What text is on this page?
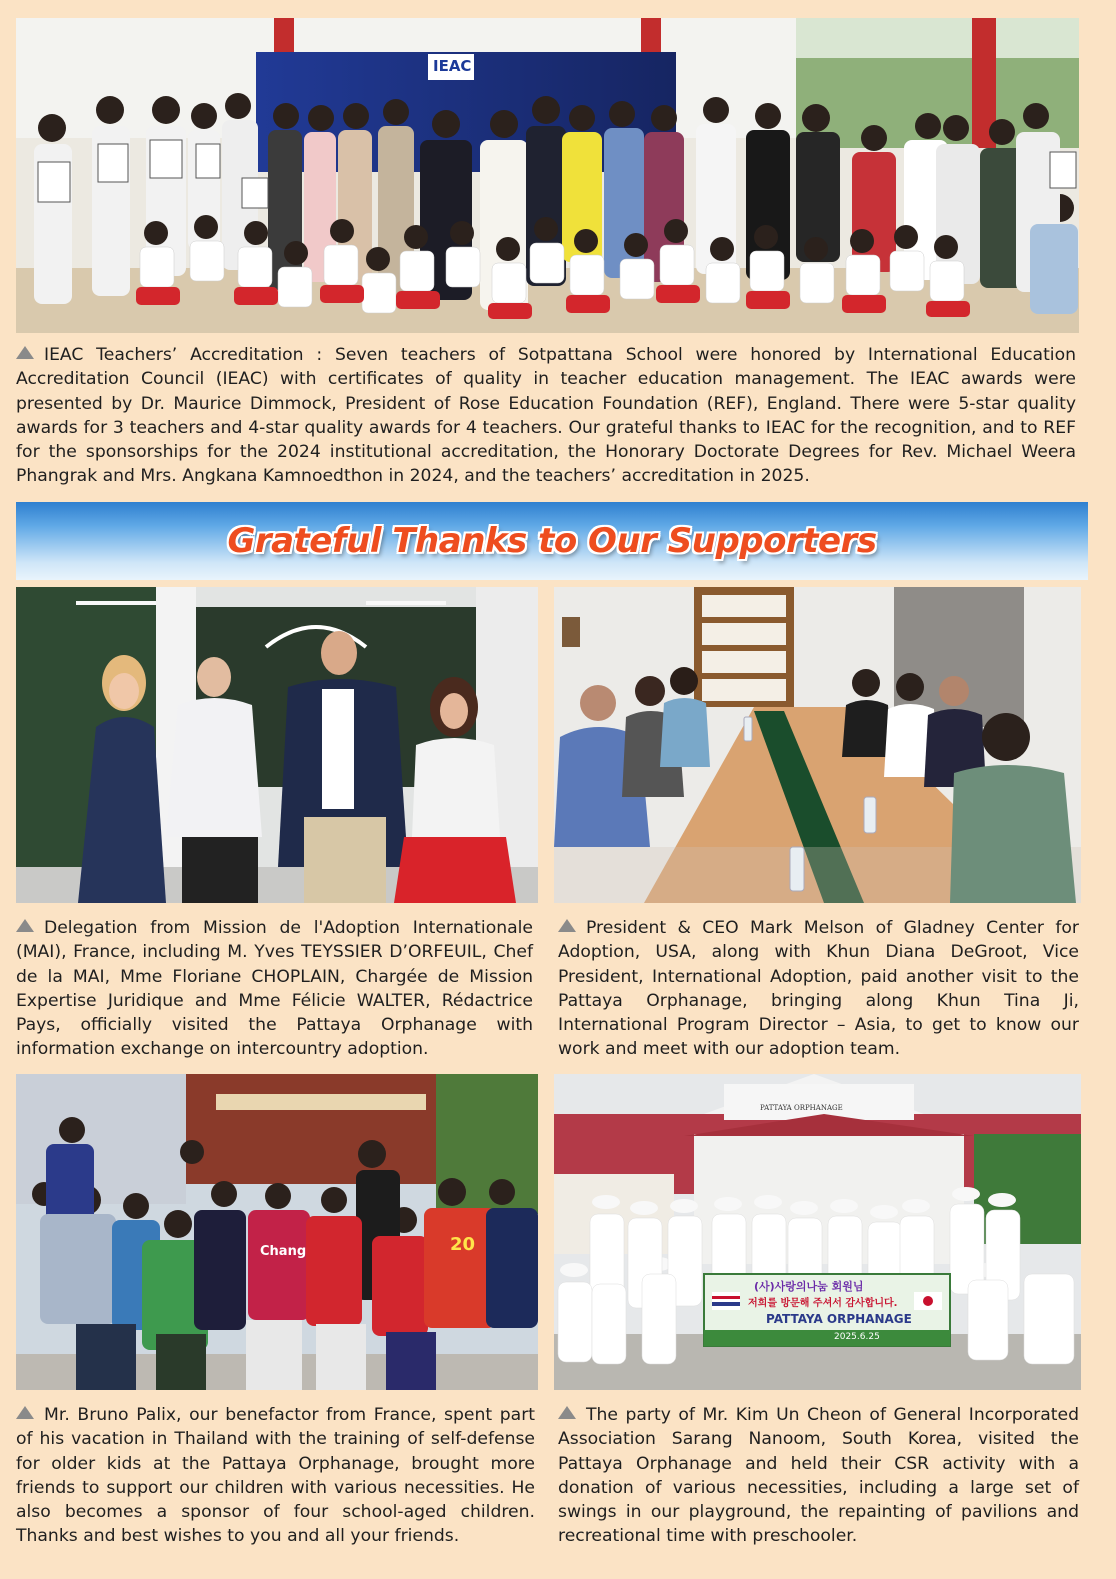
IEAC

IEAC Teachers’ Accreditation : Seven teachers of Sotpattana School were honored by International Education Accreditation Council (IEAC) with certificates of quality in teacher education management. The IEAC awards were presented by Dr. Maurice Dimmock, President of Rose Education Foundation (REF), England. There were 5-star quality awards for 3 teachers and 4-star quality awards for 4 teachers. Our grateful thanks to IEAC for the recognition, and to REF for the sponsorships for the 2024 institutional accreditation, the Honorary Doctorate Degrees for Rev. Michael Weera Phangrak and Mrs. Angkana Kamnoedthon in 2024, and the teachers’ accreditation in 2025.

Grateful Thanks to Our Supporters

Delegation from Mission de l'Adoption Internationale (MAI), France, including M. Yves TEYSSIER D’ORFEUIL, Chef de la MAI, Mme Floriane CHOPLAIN, Chargée de Mission Expertise Juridique and Mme Félicie WALTER, Rédactrice Pays, officially visited the Pattaya Orphanage with information exchange on intercountry adoption.

President & CEO Mark Melson of Gladney Center for Adoption, USA, along with Khun Diana DeGroot, Vice President, International Adoption, paid another visit to the Pattaya Orphanage, bringing along Khun Tina Ji, International Program Director – Asia, to get to know our work and meet with our adoption team.

20
Chang
PATTAYA ORPHANAGE
(사)사랑의나눔 회원님
저희를 방문해 주셔서 감사합니다.
PATTAYA ORPHANAGE
2025.6.25

Mr. Bruno Palix, our benefactor from France, spent part of his vacation in Thailand with the training of self-defense for older kids at the Pattaya Orphanage, brought more friends to support our children with various necessities. He also becomes a sponsor of four school-aged children. Thanks and best wishes to you and all your friends.

The party of Mr. Kim Un Cheon of General Incorporated Association Sarang Nanoom, South Korea, visited the Pattaya Orphanage and held their CSR activity with a donation of various necessities, including a large set of swings in our playground, the repainting of pavilions and recreational time with preschooler.
